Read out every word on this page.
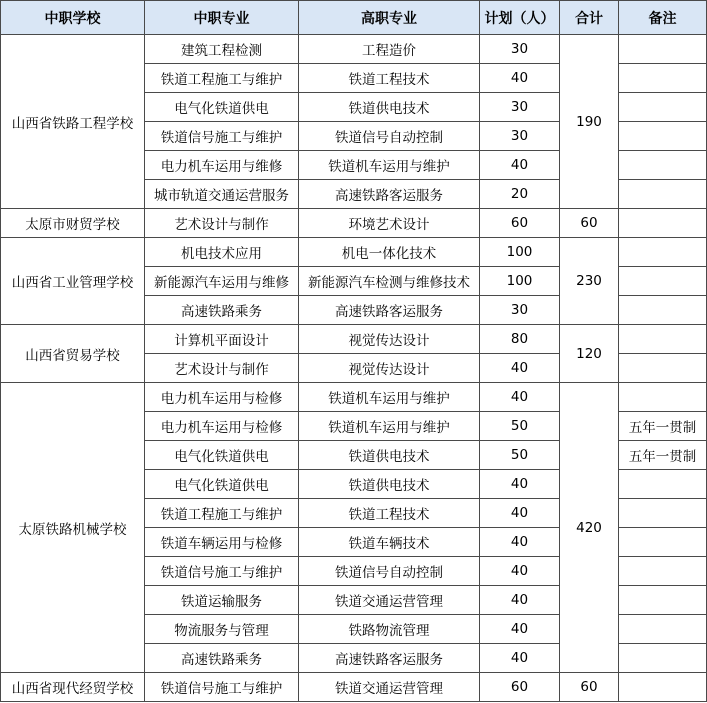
中职学校	中职专业	高职专业	计划（人）	合计	备注
山西省铁路工程学校	建筑工程检测	工程造价	30	190	
	铁道工程施工与维护	铁道工程技术	40		
	电气化铁道供电	铁道供电技术	30		
	铁道信号施工与维护	铁道信号自动控制	30		
	电力机车运用与维修	铁道机车运用与维护	40		
	城市轨道交通运营服务	高速铁路客运服务	20		
太原市财贸学校	艺术设计与制作	环境艺术设计	60	60	
山西省工业管理学校	机电技术应用	机电一体化技术	100	230	
	新能源汽车运用与维修	新能源汽车检测与维修技术	100		
	高速铁路乘务	高速铁路客运服务	30		
山西省贸易学校	计算机平面设计	视觉传达设计	80	120	
	艺术设计与制作	视觉传达设计	40		
太原铁路机械学校	电力机车运用与检修	铁道机车运用与维护	40	420	
	电力机车运用与检修	铁道机车运用与维护	50		五年一贯制
	电气化铁道供电	铁道供电技术	50		五年一贯制
	电气化铁道供电	铁道供电技术	40		
	铁道工程施工与维护	铁道工程技术	40		
	铁道车辆运用与检修	铁道车辆技术	40		
	铁道信号施工与维护	铁道信号自动控制	40		
	铁道运输服务	铁道交通运营管理	40		
	物流服务与管理	铁路物流管理	40		
	高速铁路乘务	高速铁路客运服务	40		
山西省现代经贸学校	铁道信号施工与维护	铁道交通运营管理	60	60	
